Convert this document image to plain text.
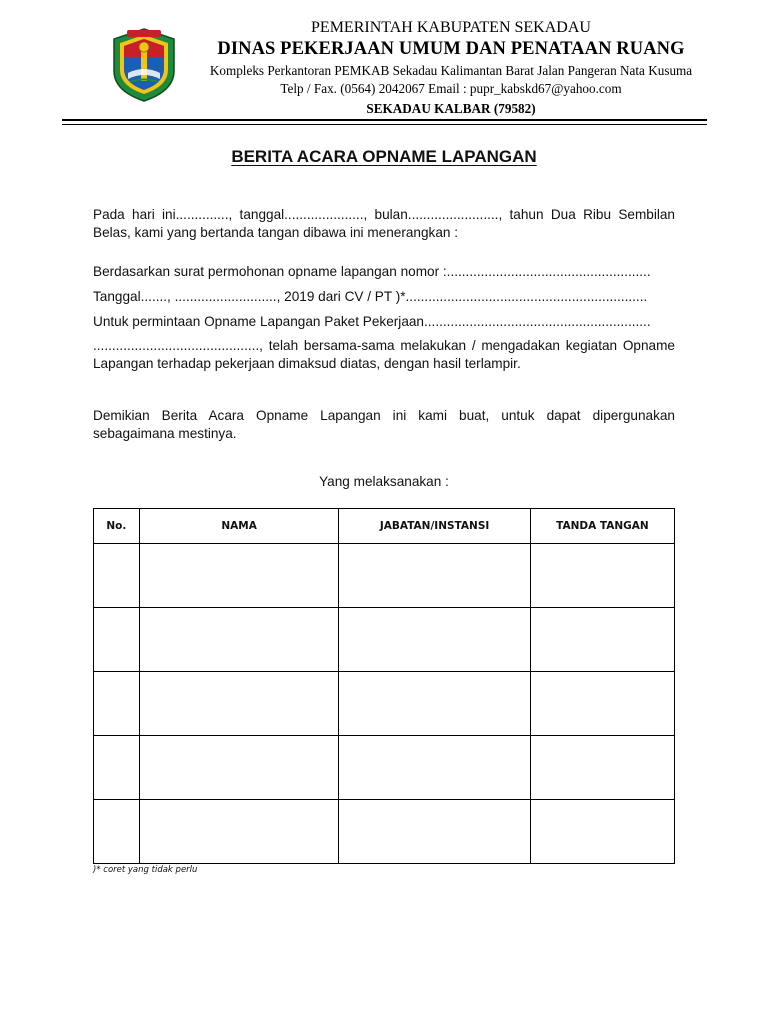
PEMERINTAH KABUPATEN SEKADAU
DINAS PEKERJAAN UMUM DAN PENATAAN RUANG
Kompleks Perkantoran PEMKAB Sekadau Kalimantan Barat Jalan Pangeran Nata Kusuma
Telp / Fax. (0564) 2042067 Email : pupr_kabskd67@yahoo.com
SEKADAU KALBAR (79582)
BERITA ACARA OPNAME LAPANGAN
Pada hari ini.............., tanggal....................., bulan........................, tahun Dua Ribu Sembilan Belas, kami yang bertanda tangan dibawa ini menerangkan :
Berdasarkan surat permohonan opname lapangan nomor :......................................................
Tanggal......., ..........................., 2019 dari CV / PT )*................................................................
Untuk permintaan Opname Lapangan Paket Pekerjaan............................................................
............................................, telah bersama-sama melakukan / mengadakan kegiatan Opname Lapangan terhadap pekerjaan dimaksud diatas, dengan hasil terlampir.
Demikian Berita Acara Opname Lapangan ini kami buat, untuk dapat dipergunakan sebagaimana mestinya.
Yang melaksanakan :
No.	NAMA	JABATAN/INSTANSI	TANDA TANGAN

)* coret yang tidak perlu
